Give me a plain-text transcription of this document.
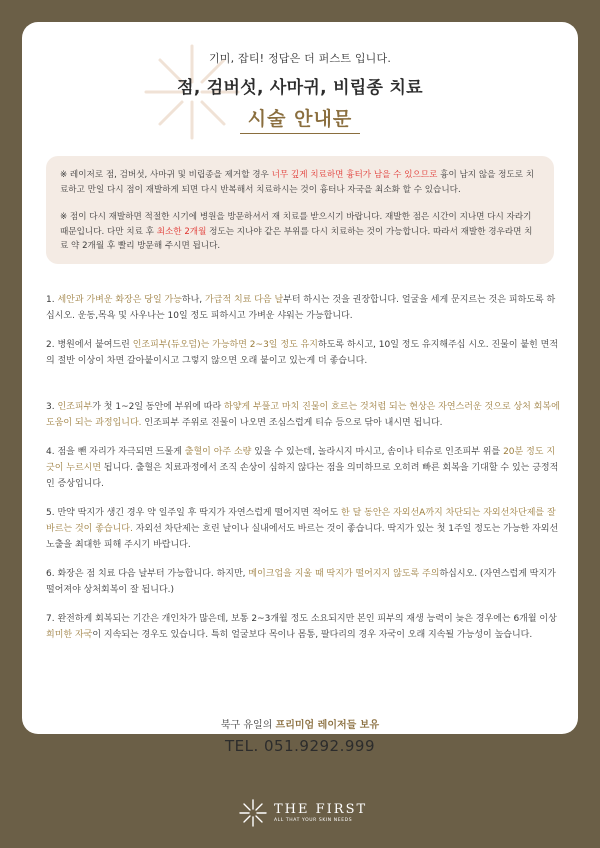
기미, 잡티! 정답은 더 퍼스트 입니다.
점, 검버섯, 사마귀, 비립종 치료
시술 안내문

※ 레이저로 점, 검버섯, 사마귀 및 비립종을 제거할 경우 너무 깊게 치료하면 흉터가 남을 수 있으므로 흉이 남지 않을 정도로 치료하고 만일 다시 점이 재발하게 되면 다시 반복해서 치료하시는 것이 흉터나 자국을 최소화 할 수 있습니다.

※ 점이 다시 재발하면 적절한 시기에 병원을 방문하셔서 재 치료를 받으시기 바랍니다. 재발한 점은 시간이 지나면 다시 자라기 때문입니다. 다만 치료 후 최소한 2개월 정도는 지나야 같은 부위를 다시 치료하는 것이 가능합니다. 따라서 재발한 경우라면 치료 약 2개월 후 빨리 방문해 주시면 됩니다.

1. 세안과 가벼운 화장은 당일 가능하나, 가급적 치료 다음 날부터 하시는 것을 권장합니다. 얼굴을 세게 문지르는 것은 피하도록 하십시오. 운동,목욕 및 사우나는 10일 정도 피하시고 가벼운 샤워는 가능합니다.

2. 병원에서 붙여드린 인조피부(듀오덤)는 가능하면 2~3일 정도 유지하도록 하시고, 10일 정도 유지해주십 시오. 진물이 붙힌 면적의 절반 이상이 차면 갈아붙이시고 그렇지 않으면 오래 붙이고 있는게 더 좋습니다.

3. 인조피부가 첫 1~2일 동안에 부위에 따라 하얗게 부풀고 마치 진물이 흐르는 것처럼 되는 현상은 자연스러운 것으로 상처 회복에 도움이 되는 과정입니다. 인조피부 주위로 진물이 나오면 조심스럽게 티슈 등으로 닦아 내시면 됩니다.

4. 점을 뺀 자리가 자극되면 드물게 출혈이 아주 소량 있을 수 있는데, 놀라시지 마시고, 솜이나 티슈로 인조피부 위를 20분 정도 지긋이 누르시면 됩니다. 출혈은 치료과정에서 조직 손상이 심하지 않다는 점을 의미하므로 오히려 빠른 회복을 기대할 수 있는 긍정적인 증상입니다.

5. 만약 딱지가 생긴 경우 약 일주일 후 딱지가 자연스럽게 떨어지면 적어도 한 달 동안은 자외선A까지 차단되는 자외선차단제를 잘 바르는 것이 좋습니다. 자외선 차단제는 흐린 날이나 실내에서도 바르는 것이 좋습니다. 딱지가 있는 첫 1주일 정도는 가능한 자외선 노출을 최대한 피해 주시기 바랍니다.

6. 화장은 점 치료 다음 날부터 가능합니다. 하지만, 메이크업을 지울 때 딱지가 떨어지지 않도록 주의하십시오. (자연스럽게 딱지가 떨어져야 상처회복이 잘 됩니다.)

7. 완전하게 회복되는 기간은 개인차가 많은데, 보통 2~3개월 정도 소요되지만 본인 피부의 재생 능력이 늦은 경우에는 6개월 이상 희미한 자국이 지속되는 경우도 있습니다. 특히 얼굴보다 목이나 몸통, 팔다리의 경우 자국이 오래 지속될 가능성이 높습니다.

북구 유일의 프리미엄 레이저들 보유
TEL. 051.9292.999
THE FIRST
ALL THAT YOUR SKIN NEEDS
